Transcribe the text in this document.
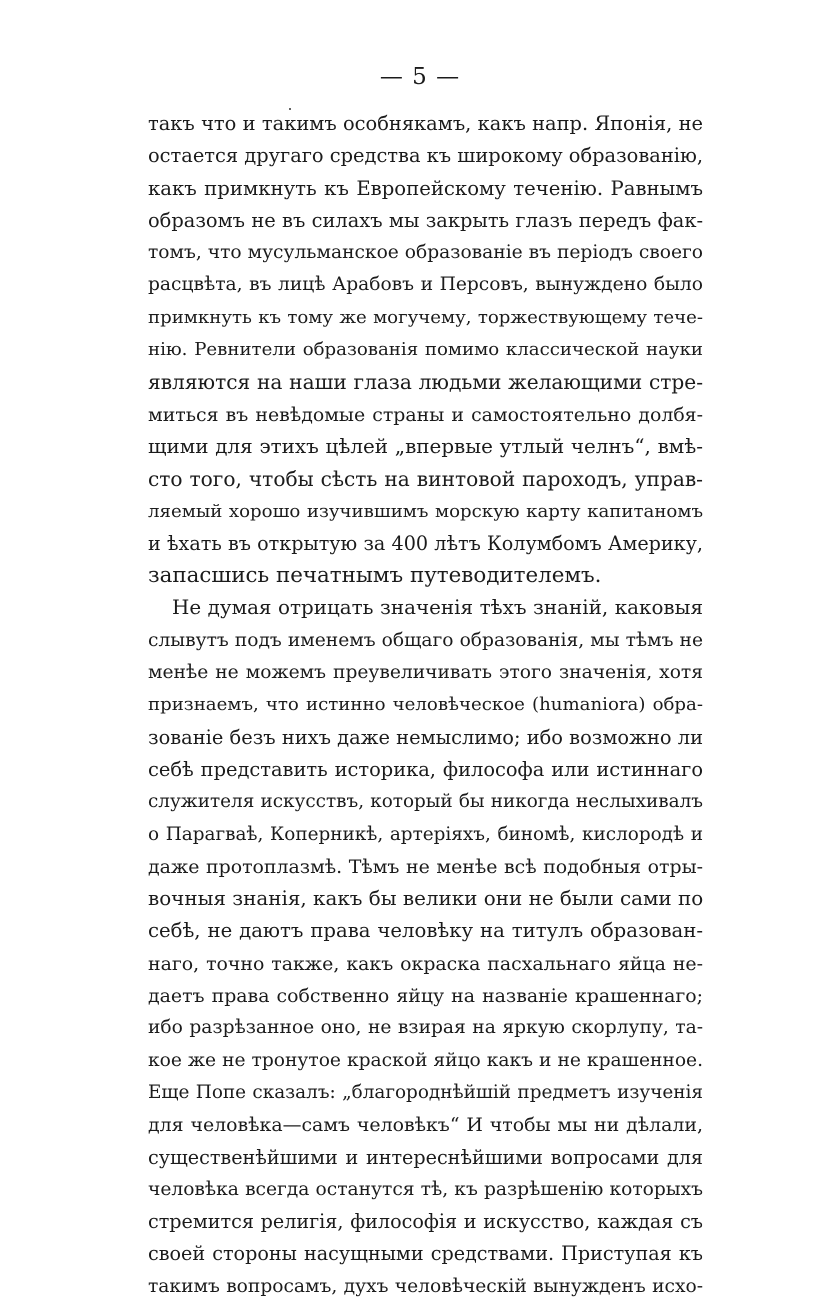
— 5 —
такъ что и такимъ особнякамъ, какъ напр. Японія, не
остается другаго средства къ широкому образованію,
какъ примкнуть къ Европейскому теченію. Равнымъ
образомъ не въ силахъ мы закрыть глазъ передъ фак-
томъ, что мусульманское образованіе въ періодъ своего
расцвѣта, въ лицѣ Арабовъ и Персовъ, вынуждено было
примкнуть къ тому же могучему, торжествующему тече-
нію. Ревнители образованія помимо классической науки
являются на наши глаза людьми желающими стре-
миться въ невѣдомые страны и самостоятельно долбя-
щими для этихъ цѣлей „впервые утлый челнъ“, вмѣ-
сто того, чтобы сѣсть на винтовой пароходъ, управ-
ляемый хорошо изучившимъ морскую карту капитаномъ
и ѣхать въ открытую за 400 лѣтъ Колумбомъ Америку,
запасшись печатнымъ путеводителемъ.
Не думая отрицать значенія тѣхъ знаній, каковыя
слывутъ подъ именемъ общаго образованія, мы тѣмъ не
менѣе не можемъ преувеличивать этого значенія, хотя
признаемъ, что истинно человѣческое (humaniora) обра-
зованіе безъ нихъ даже немыслимо; ибо возможно ли
себѣ представить историка, философа или истиннаго
служителя искусствъ, который бы никогда неслыхивалъ
о Парагваѣ, Коперникѣ, артеріяхъ, биномѣ, кислородѣ и
даже протоплазмѣ. Тѣмъ не менѣе всѣ подобныя отры-
вочныя знанія, какъ бы велики они не были сами по
себѣ, не даютъ права человѣку на титулъ образован-
наго, точно также, какъ окраска пасхальнаго яйца не-
даетъ права собственно яйцу на названіе крашеннаго;
ибо разрѣзанное оно, не взирая на яркую скорлупу, та-
кое же не тронутое краской яйцо какъ и не крашенное.
Еще Попе сказалъ: „благороднѣйшій предметъ изученія
для человѣка—самъ человѣкъ“ И чтобы мы ни дѣлали,
существенѣйшими и интереснѣйшими вопросами для
человѣка всегда останутся тѣ, къ разрѣшенію которыхъ
стремится религія, философія и искусство, каждая съ
своей стороны насущными средствами. Приступая къ
такимъ вопросамъ, духъ человѣческій вынужденъ исхо-
